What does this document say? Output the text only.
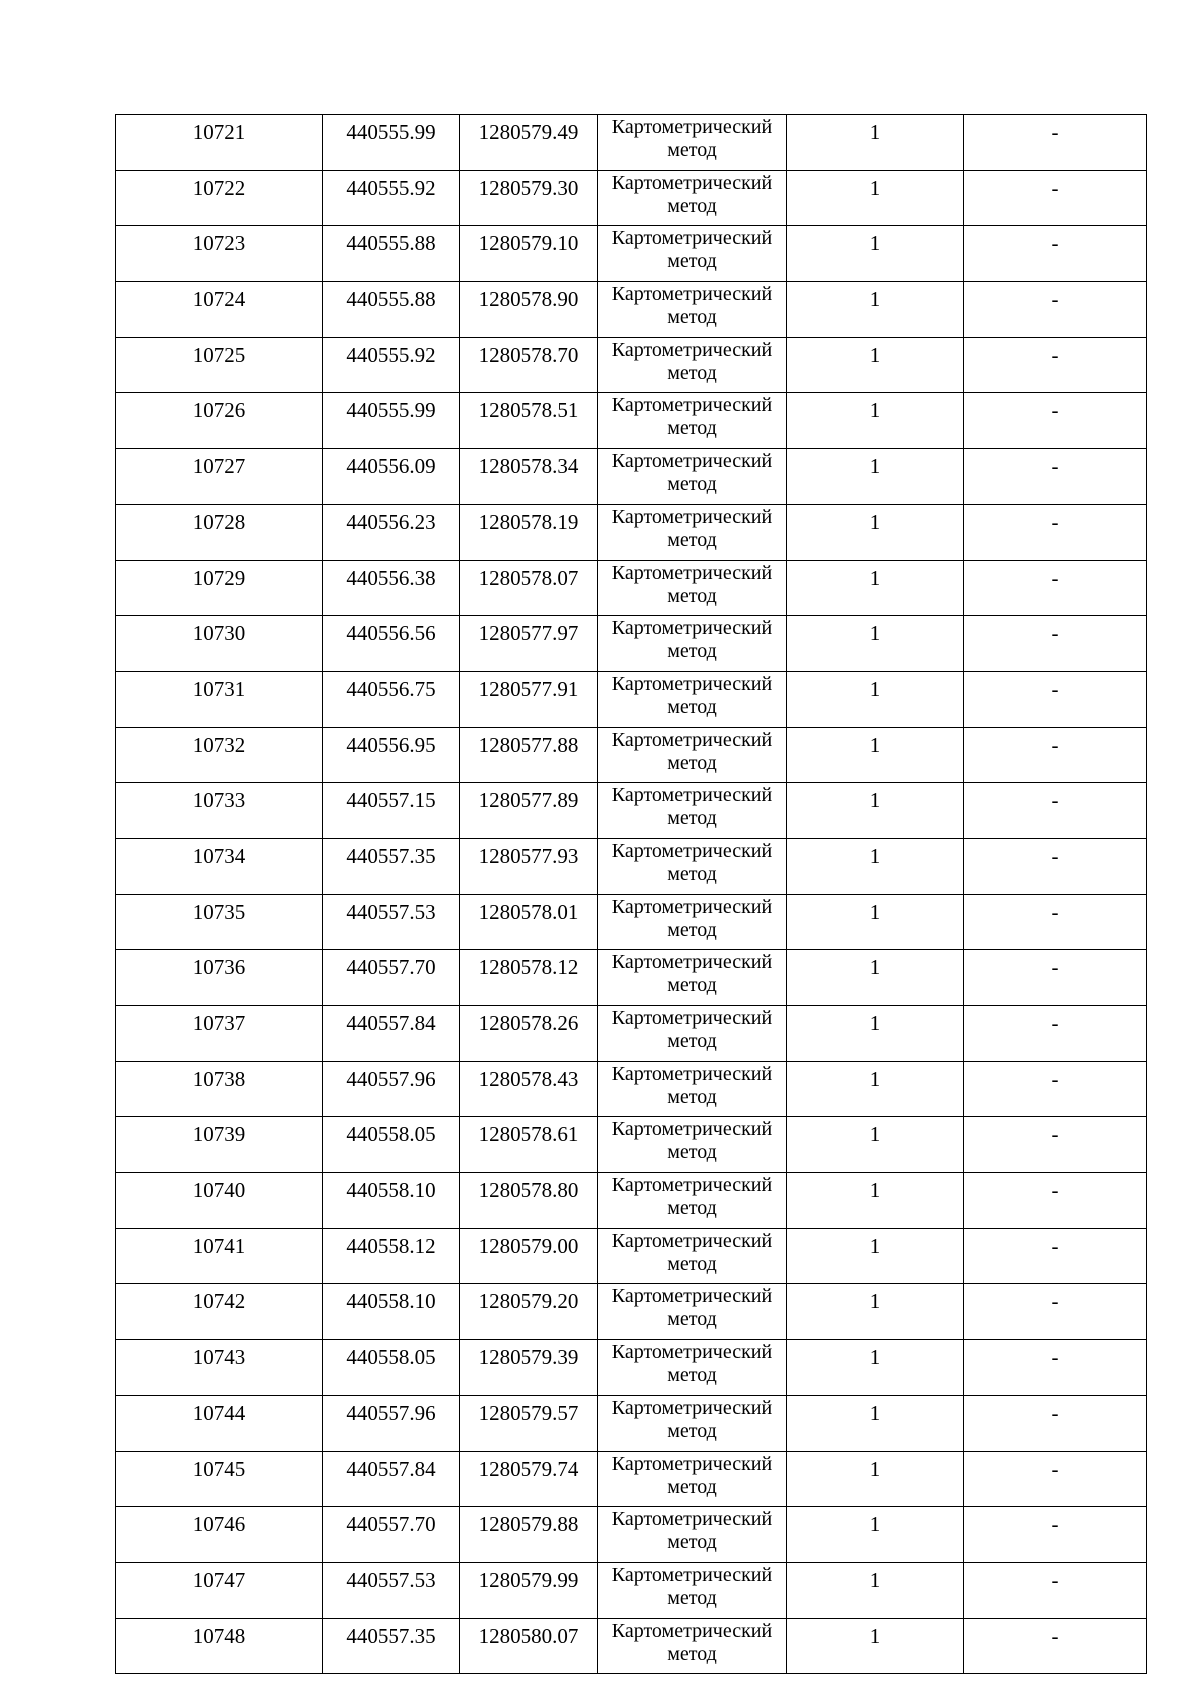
10721	440555.99	1280579.49	Картометрический метод	1	-
10722	440555.92	1280579.30	Картометрический метод	1	-
10723	440555.88	1280579.10	Картометрический метод	1	-
10724	440555.88	1280578.90	Картометрический метод	1	-
10725	440555.92	1280578.70	Картометрический метод	1	-
10726	440555.99	1280578.51	Картометрический метод	1	-
10727	440556.09	1280578.34	Картометрический метод	1	-
10728	440556.23	1280578.19	Картометрический метод	1	-
10729	440556.38	1280578.07	Картометрический метод	1	-
10730	440556.56	1280577.97	Картометрический метод	1	-
10731	440556.75	1280577.91	Картометрический метод	1	-
10732	440556.95	1280577.88	Картометрический метод	1	-
10733	440557.15	1280577.89	Картометрический метод	1	-
10734	440557.35	1280577.93	Картометрический метод	1	-
10735	440557.53	1280578.01	Картометрический метод	1	-
10736	440557.70	1280578.12	Картометрический метод	1	-
10737	440557.84	1280578.26	Картометрический метод	1	-
10738	440557.96	1280578.43	Картометрический метод	1	-
10739	440558.05	1280578.61	Картометрический метод	1	-
10740	440558.10	1280578.80	Картометрический метод	1	-
10741	440558.12	1280579.00	Картометрический метод	1	-
10742	440558.10	1280579.20	Картометрический метод	1	-
10743	440558.05	1280579.39	Картометрический метод	1	-
10744	440557.96	1280579.57	Картометрический метод	1	-
10745	440557.84	1280579.74	Картометрический метод	1	-
10746	440557.70	1280579.88	Картометрический метод	1	-
10747	440557.53	1280579.99	Картометрический метод	1	-
10748	440557.35	1280580.07	Картометрический метод	1	-
